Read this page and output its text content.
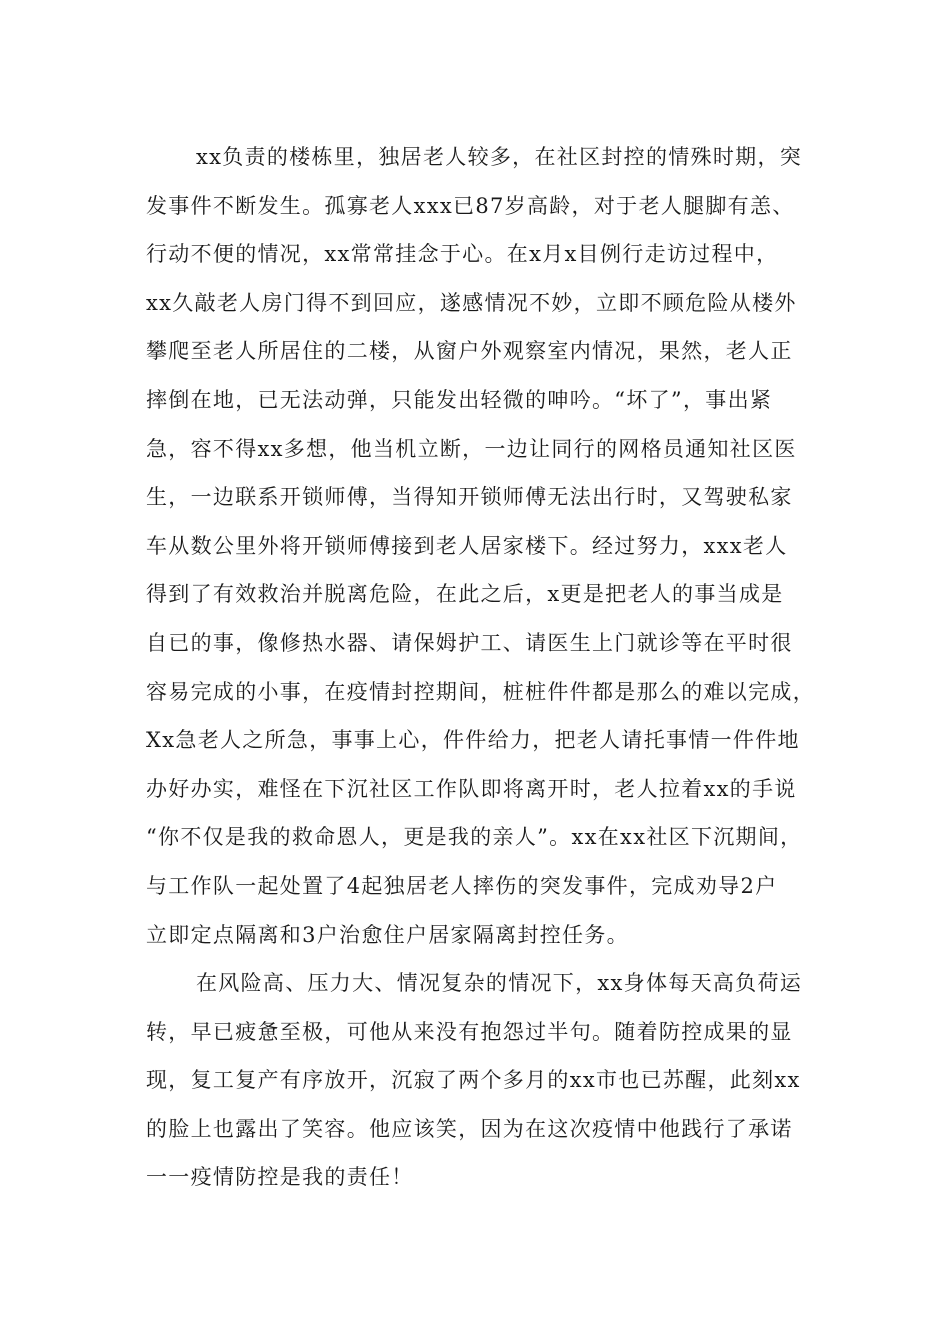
xx负责的楼栋里，独居老人较多，在社区封控的情殊时期，突
发事件不断发生。孤寡老人xxx已87岁高龄，对于老人腿脚有恙、
行动不便的情况，xx常常挂念于心。在x月x目例行走访过程中，
xx久敲老人房门得不到回应，遂感情况不妙，立即不顾危险从楼外
攀爬至老人所居住的二楼，从窗户外观察室内情况，果然，老人正
摔倒在地，已无法动弹，只能发出轻微的呻吟。“坏了”，事出紧
急，容不得xx多想，他当机立断，一边让同行的网格员通知社区医
生，一边联系开锁师傅，当得知开锁师傅无法出行时，又驾驶私家
车从数公里外将开锁师傅接到老人居家楼下。经过努力，xxx老人
得到了有效救治并脱离危险，在此之后，x更是把老人的事当成是
自已的事，像修热水器、请保姆护工、请医生上门就诊等在平时很
容易完成的小事，在疫情封控期间，桩桩件件都是那么的难以完成，
Xx急老人之所急，事事上心，件件给力，把老人请托事情一件件地
办好办实，难怪在下沉社区工作队即将离开时，老人拉着xx的手说
“你不仅是我的救命恩人，更是我的亲人”。xx在xx社区下沉期间，
与工作队一起处置了4起独居老人摔伤的突发事件，完成劝导2户
立即定点隔离和3户治愈住户居家隔离封控任务。
在风险高、压力大、情况复杂的情况下，xx身体每天高负荷运
转，早已疲惫至极，可他从来没有抱怨过半句。随着防控成果的显
现，复工复产有序放开，沉寂了两个多月的xx市也已苏醒，此刻xx
的脸上也露出了笑容。他应该笑，因为在这次疫情中他践行了承诺
一一疫情防控是我的责任！
